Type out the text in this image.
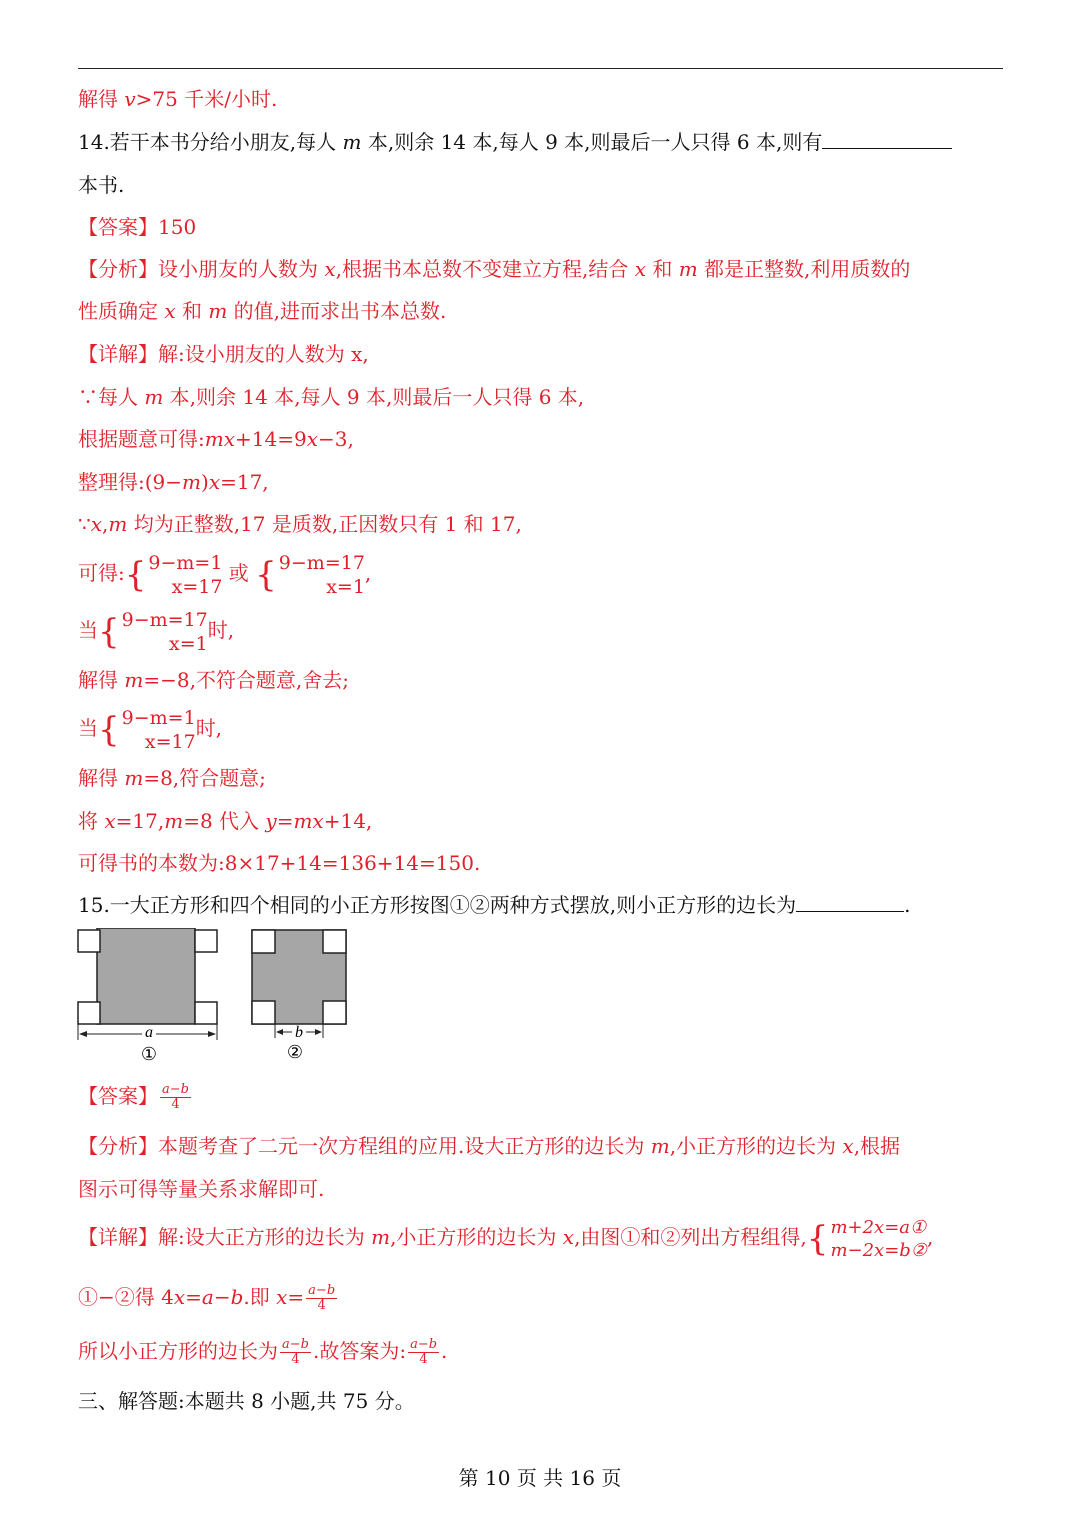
解得 v>75 千米/小时.
14.若干本书分给小朋友,每人 m 本,则余 14 本,每人 9 本,则最后一人只得 6 本,则有
本书.
【答案】150
【分析】设小朋友的人数为 x,根据书本总数不变建立方程,结合 x 和 m 都是正整数,利用质数的
性质确定 x 和 m 的值,进而求出书本总数.
【详解】解:设小朋友的人数为 x,
∵每人 m 本,则余 14 本,每人 9 本,则最后一人只得 6 本,
根据题意可得:mx+14=9x−3,
整理得:(9−m)x=17,
∵x,m 均为正整数,17 是质数,正因数只有 1 和 17,
可得: { 9−m=1
x=17
或 { 9−m=17
x=1
,
当 { 9−m=17
x=1
时,
解得 m=−8,不符合题意,舍去;
当 { 9−m=1
x=17
时,
解得 m=8,符合题意;
将 x=17,m=8 代入 y=mx+14,
可得书的本数为:8×17+14=136+14=150.
15.一大正方形和四个相同的小正方形按图①②两种方式摆放,则小正方形的边长为	.
a
①
b
②
【答案】 $\frac{a-b}{4}$
【分析】本题考查了二元一次方程组的应用.设大正方形的边长为 m,小正方形的边长为 x,根据
图示可得等量关系求解即可.
【详解】解:设大正方形的边长为 m,小正方形的边长为 x,由图①和②列出方程组得, { m+2x=a①
m−2x=b②
,
①−②得 4x=a−b.即 $x= \frac{a-b}{4}$
所以小正方形的边长为 $\frac{a-b}{4}$ .故答案为: $\frac{a-b}{4}$ .
三、解答题:本题共 8 小题,共 75 分。
第 10 页 共 16 页
